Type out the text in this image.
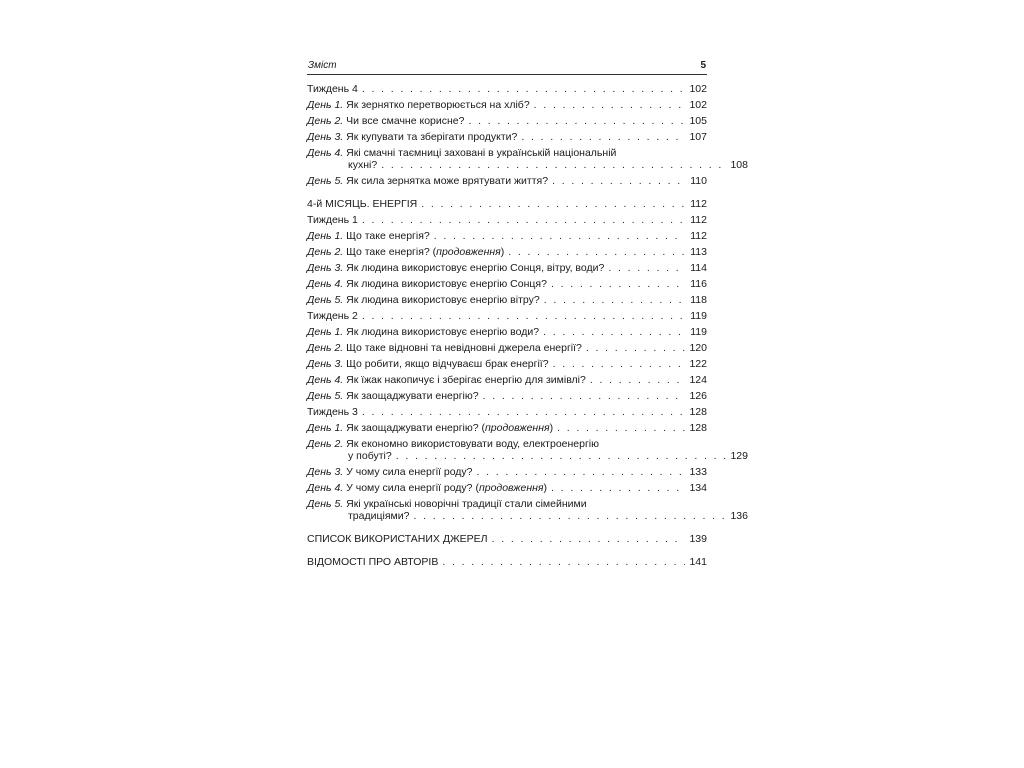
Зміст	5
Тиждень 4 . . .	102
День 1. Як зернятко перетворюється на хліб? . . .	102
День 2. Чи все смачне корисне? . . .	105
День 3. Як купувати та зберігати продукти? . . .	107
День 4. Які смачні таємниці заховані в українській національній
кухні? . . .	108
День 5. Як сила зернятка може врятувати життя? . . .	110
4-й МІСЯЦЬ. ЕНЕРГІЯ . . .	112
Тиждень 1 . . .	112
День 1. Що таке енергія? . . .	112
День 2. Що таке енергія? (продовження) . . .	113
День 3. Як людина використовує енергію Сонця, вітру, води? . . .	114
День 4. Як людина використовує енергію Сонця? . . .	116
День 5. Як людина використовує енергію вітру? . . .	118
Тиждень 2 . . .	119
День 1. Як людина використовує енергію води? . . .	119
День 2. Що таке відновні та невідновні джерела енергії? . . .	120
День 3. Що робити, якщо відчуваєш брак енергії? . . .	122
День 4. Як їжак накопичує і зберігає енергію для зимівлі? . . .	124
День 5. Як заощаджувати енергію? . . .	126
Тиждень 3 . . .	128
День 1. Як заощаджувати енергію? (продовження) . . .	128
День 2. Як економно використовувати воду, електроенергію
у побуті? . . .	129
День 3. У чому сила енергії роду? . . .	133
День 4. У чому сила енергії роду? (продовження) . . .	134
День 5. Які українські новорічні традиції стали сімейними
традиціями? . . .	136
СПИСОК ВИКОРИСТАНИХ ДЖЕРЕЛ . . .	139
ВІДОМОСТІ ПРО АВТОРІВ . . .	141
